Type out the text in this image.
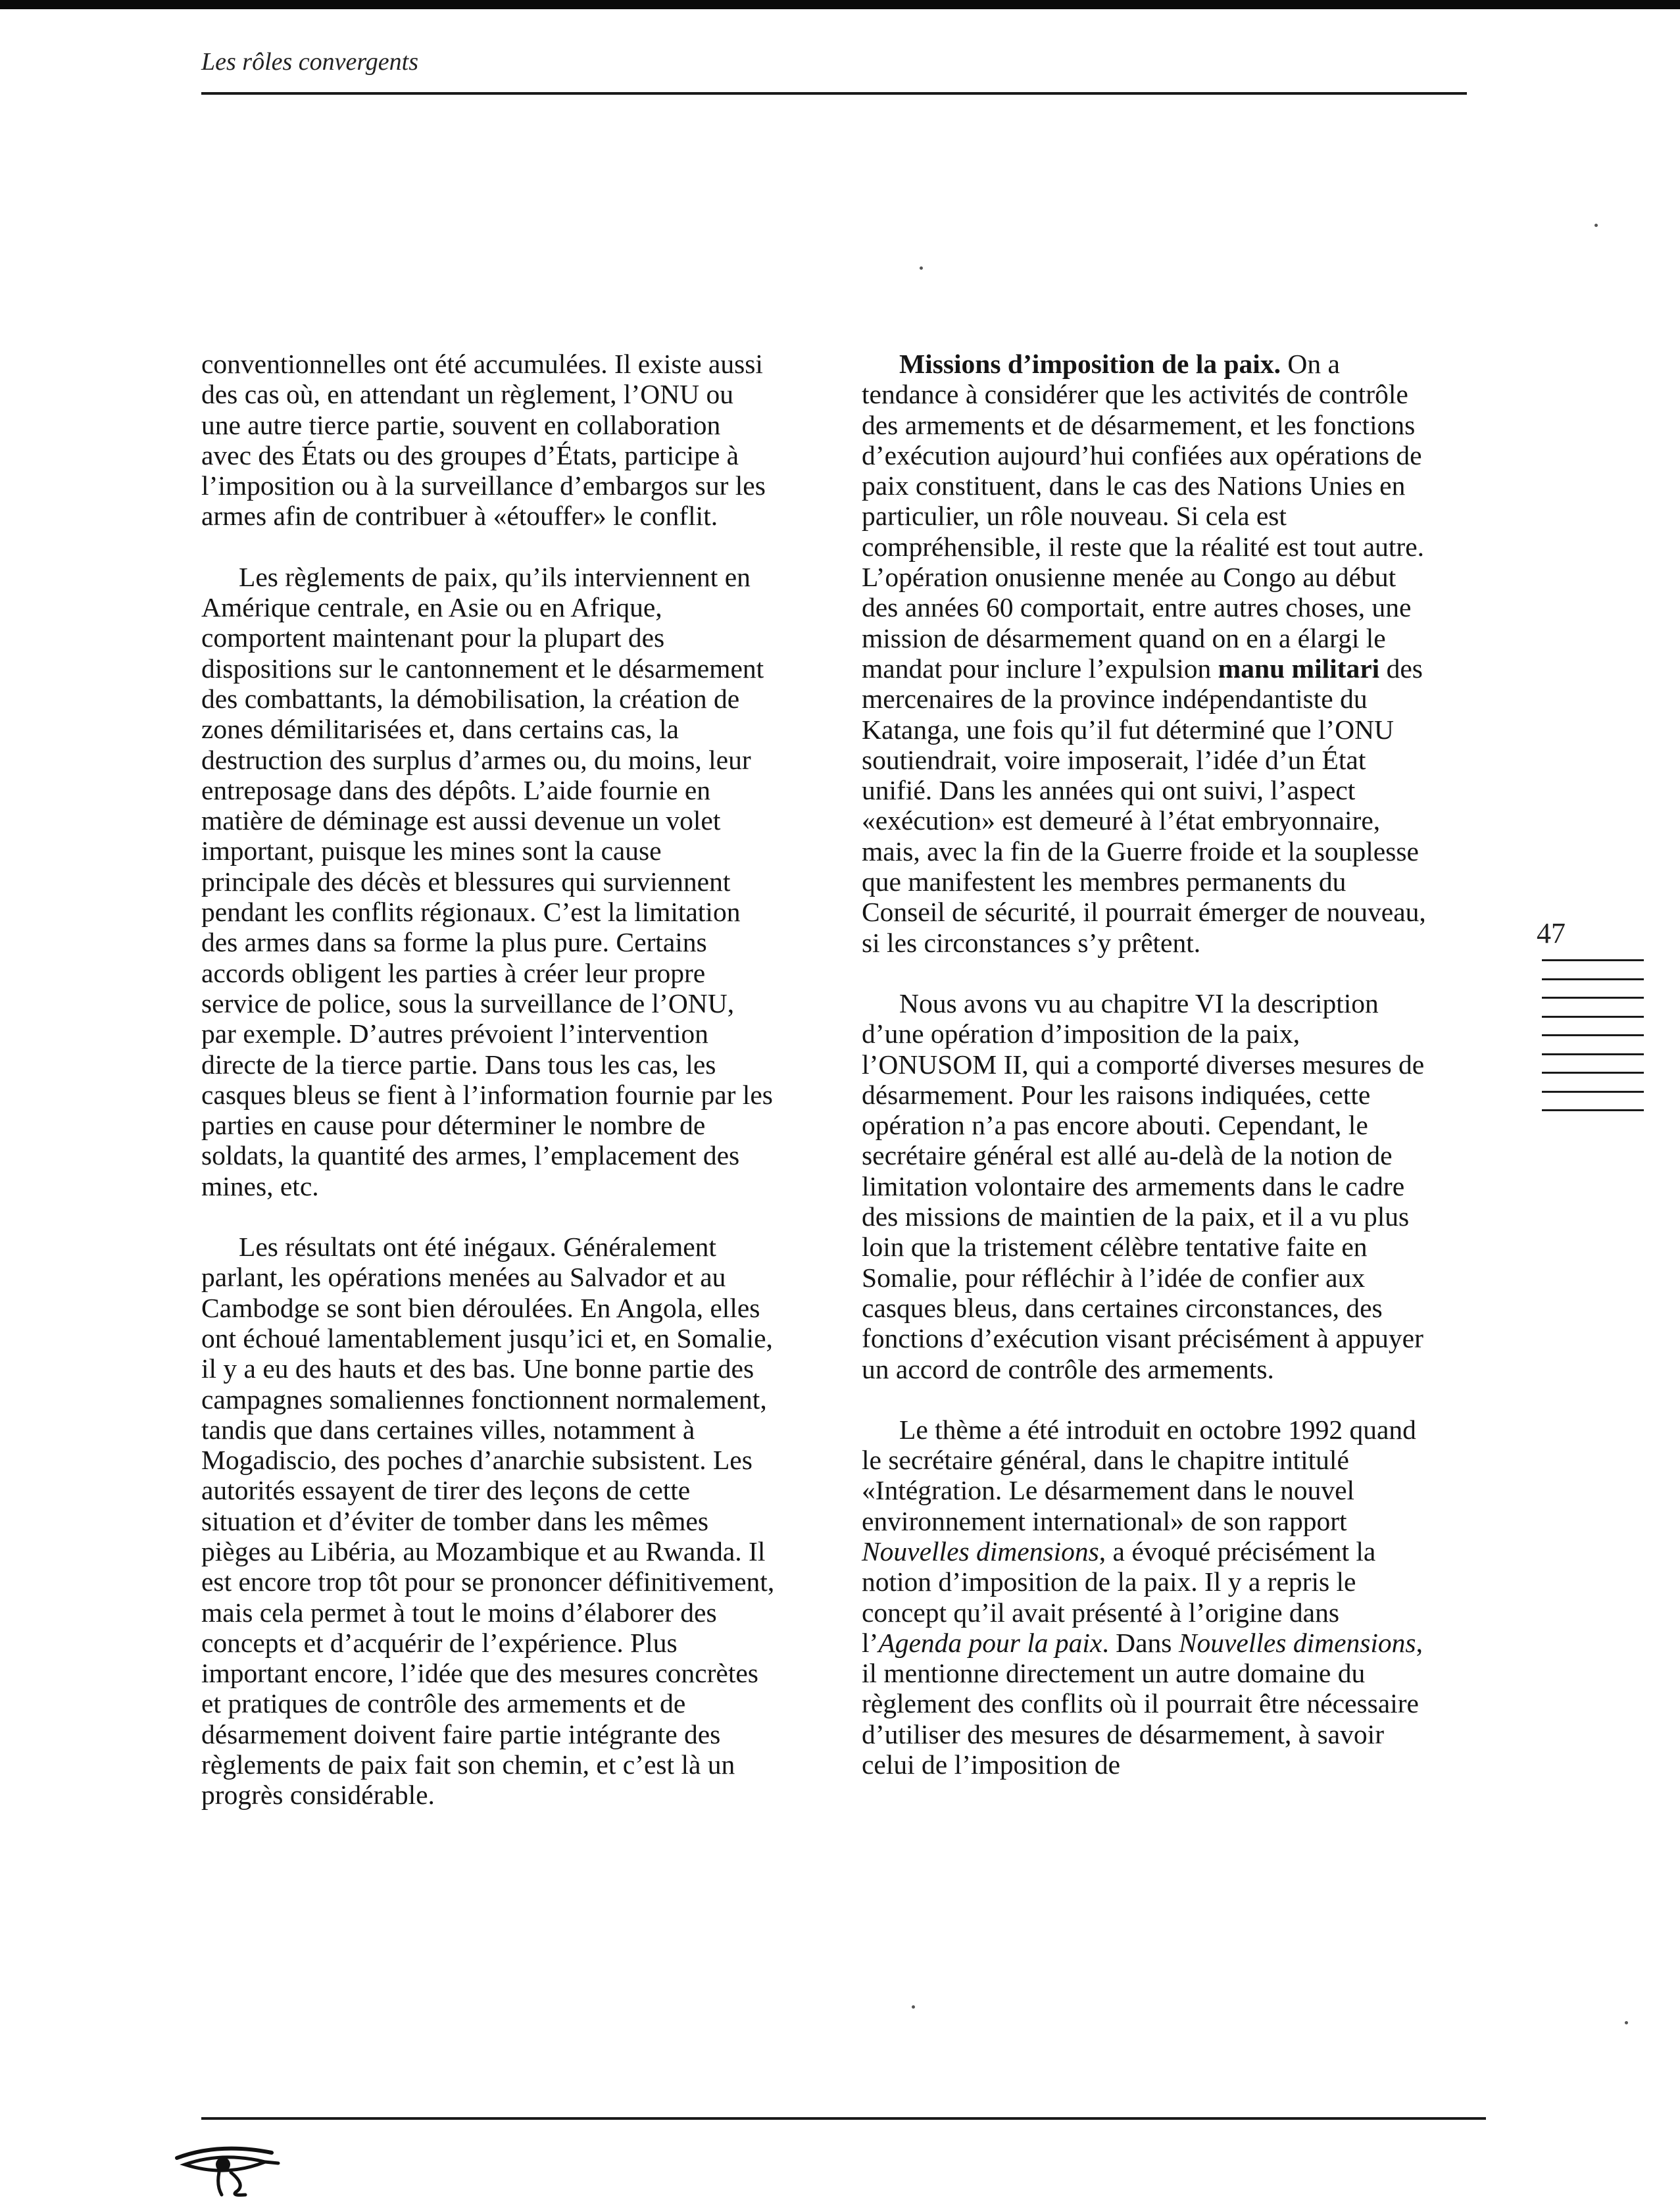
Les rôles convergents

conventionnelles ont été accumulées. Il existe aussi des cas où, en attendant un règlement, l’ONU ou une autre tierce partie, souvent en collaboration avec des États ou des groupes d’États, participe à l’imposition ou à la surveillance d’embargos sur les armes afin de contribuer à «étouffer» le conflit.

Les règlements de paix, qu’ils interviennent en Amérique centrale, en Asie ou en Afrique, comportent maintenant pour la plupart des dispositions sur le cantonnement et le désarmement des combattants, la démobilisation, la création de zones démilitarisées et, dans certains cas, la destruction des surplus d’armes ou, du moins, leur entreposage dans des dépôts. L’aide fournie en matière de déminage est aussi devenue un volet important, puisque les mines sont la cause principale des décès et blessures qui surviennent pendant les conflits régionaux. C’est la limitation des armes dans sa forme la plus pure. Certains accords obligent les parties à créer leur propre service de police, sous la surveillance de l’ONU, par exemple. D’autres prévoient l’intervention directe de la tierce partie. Dans tous les cas, les casques bleus se fient à l’information fournie par les parties en cause pour déterminer le nombre de soldats, la quantité des armes, l’emplacement des mines, etc.

Les résultats ont été inégaux. Généralement parlant, les opérations menées au Salvador et au Cambodge se sont bien déroulées. En Angola, elles ont échoué lamentablement jusqu’ici et, en Somalie, il y a eu des hauts et des bas. Une bonne partie des campagnes somaliennes fonctionnent normalement, tandis que dans certaines villes, notamment à Mogadiscio, des poches d’anarchie subsistent. Les autorités essayent de tirer des leçons de cette situation et d’éviter de tomber dans les mêmes pièges au Libéria, au Mozambique et au Rwanda. Il est encore trop tôt pour se prononcer définitivement, mais cela permet à tout le moins d’élaborer des concepts et d’acquérir de l’expérience. Plus important encore, l’idée que des mesures concrètes et pratiques de contrôle des armements et de désarmement doivent faire partie intégrante des règlements de paix fait son chemin, et c’est là un progrès considérable.

Missions d’imposition de la paix. On a tendance à considérer que les activités de contrôle des armements et de désarmement, et les fonctions d’exécution aujourd’hui confiées aux opérations de paix constituent, dans le cas des Nations Unies en particulier, un rôle nouveau. Si cela est compréhensible, il reste que la réalité est tout autre. L’opération onusienne menée au Congo au début des années 60 comportait, entre autres choses, une mission de désarmement quand on en a élargi le mandat pour inclure l’expulsion manu militari des mercenaires de la province indépendantiste du Katanga, une fois qu’il fut déterminé que l’ONU soutiendrait, voire imposerait, l’idée d’un État unifié. Dans les années qui ont suivi, l’aspect «exécution» est demeuré à l’état embryonnaire, mais, avec la fin de la Guerre froide et la souplesse que manifestent les membres permanents du Conseil de sécurité, il pourrait émerger de nouveau, si les circonstances s’y prêtent.

Nous avons vu au chapitre VI la description d’une opération d’imposition de la paix, l’ONUSOM II, qui a comporté diverses mesures de désarmement. Pour les raisons indiquées, cette opération n’a pas encore abouti. Cependant, le secrétaire général est allé au-delà de la notion de limitation volontaire des armements dans le cadre des missions de maintien de la paix, et il a vu plus loin que la tristement célèbre tentative faite en Somalie, pour réfléchir à l’idée de confier aux casques bleus, dans certaines circonstances, des fonctions d’exécution visant précisément à appuyer un accord de contrôle des armements.

Le thème a été introduit en octobre 1992 quand le secrétaire général, dans le chapitre intitulé «Intégration. Le désarmement dans le nouvel environnement international» de son rapport Nouvelles dimensions, a évoqué précisément la notion d’imposition de la paix. Il y a repris le concept qu’il avait présenté à l’origine dans l’Agenda pour la paix. Dans Nouvelles dimensions, il mentionne directement un autre domaine du règlement des conflits où il pourrait être nécessaire d’utiliser des mesures de désarmement, à savoir celui de l’imposition de

47
